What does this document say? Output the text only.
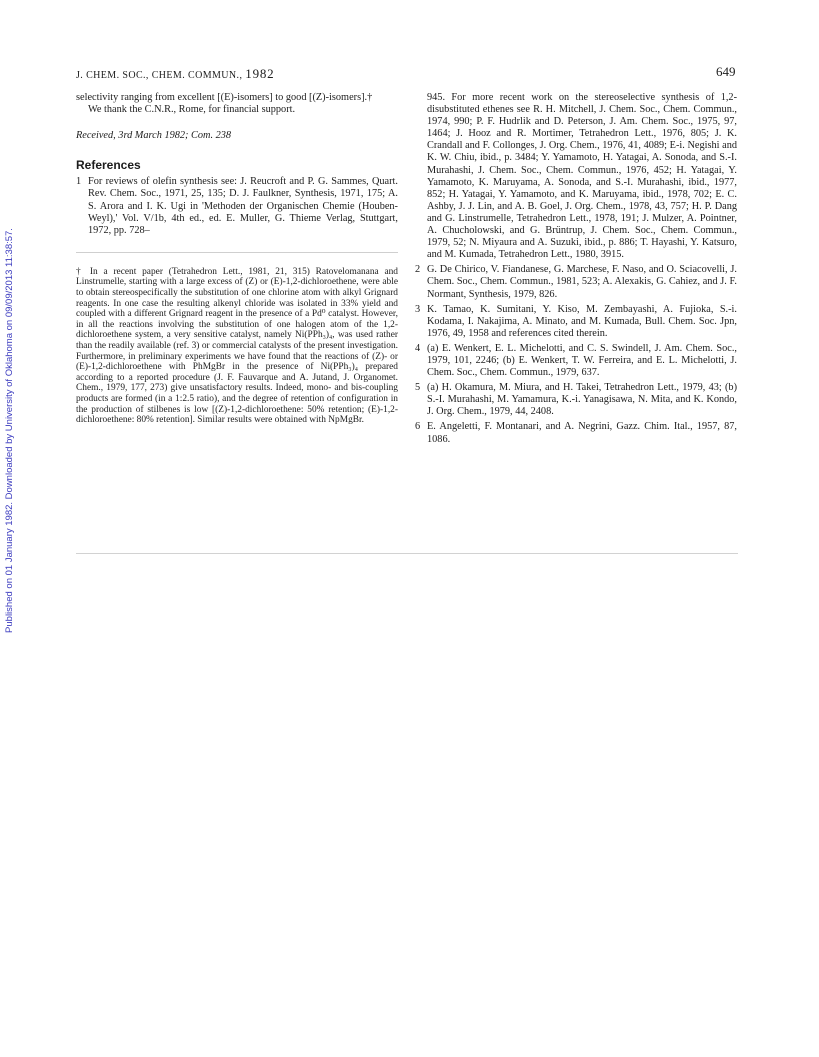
Published on 01 January 1982. Downloaded by University of Oklahoma on 09/09/2013 11:38:57.
J. CHEM. SOC., CHEM. COMMUN., 1982	649

selectivity ranging from excellent [(E)-isomers] to good [(Z)-isomers].†

We thank the C.N.R., Rome, for financial support.

Received, 3rd March 1982; Com. 238

References
1 For reviews of olefin synthesis see: J. Reucroft and P. G. Sammes, Quart. Rev. Chem. Soc., 1971, 25, 135; D. J. Faulkner, Synthesis, 1971, 175; A. S. Arora and I. K. Ugi in 'Methoden der Organischen Chemie (Houben-Weyl),' Vol. V/1b, 4th ed., ed. E. Muller, G. Thieme Verlag, Stuttgart, 1972, pp. 728–

† In a recent paper (Tetrahedron Lett., 1981, 21, 315) Ratovelomanana and Linstrumelle, starting with a large excess of (Z) or (E)-1,2-dichloroethene, were able to obtain stereospecifically the substitution of one chlorine atom with alkyl Grignard reagents. In one case the resulting alkenyl chloride was isolated in 33% yield and coupled with a different Grignard reagent in the presence of a Pd⁰ catalyst. However, in all the reactions involving the substitution of one halogen atom of the 1,2-dichloroethene system, a very sensitive catalyst, namely Ni(PPh₃)₄, was used rather than the readily available (ref. 3) or commercial catalysts of the present investigation. Furthermore, in preliminary experiments we have found that the reactions of (Z)- or (E)-1,2-dichloroethene with PhMgBr in the presence of Ni(PPh₃)₄ prepared according to a reported procedure (J. F. Fauvarque and A. Jutand, J. Organomet. Chem., 1979, 177, 273) give unsatisfactory results. Indeed, mono- and bis-coupling products are formed (in a 1:2.5 ratio), and the degree of retention of configuration in the production of stilbenes is low [(Z)-1,2-dichloroethene: 50% retention; (E)-1,2-dichloroethene: 80% retention]. Similar results were obtained with NpMgBr.

945. For more recent work on the stereoselective synthesis of 1,2-disubstituted ethenes see R. H. Mitchell, J. Chem. Soc., Chem. Commun., 1974, 990; P. F. Hudrlik and D. Peterson, J. Am. Chem. Soc., 1975, 97, 1464; J. Hooz and R. Mortimer, Tetrahedron Lett., 1976, 805; J. K. Crandall and F. Collonges, J. Org. Chem., 1976, 41, 4089; E-i. Negishi and K. W. Chiu, ibid., p. 3484; Y. Yamamoto, H. Yatagai, A. Sonoda, and S.-I. Murahashi, J. Chem. Soc., Chem. Commun., 1976, 452; H. Yatagai, Y. Yamamoto, K. Maruyama, A. Sonoda, and S.-I. Murahashi, ibid., 1977, 852; H. Yatagai, Y. Yamamoto, and K. Maruyama, ibid., 1978, 702; E. C. Ashby, J. J. Lin, and A. B. Goel, J. Org. Chem., 1978, 43, 757; H. P. Dang and G. Linstrumelle, Tetrahedron Lett., 1978, 191; J. Mulzer, A. Pointner, A. Chucholowski, and G. Brüntrup, J. Chem. Soc., Chem. Commun., 1979, 52; N. Miyaura and A. Suzuki, ibid., p. 886; T. Hayashi, Y. Katsuro, and M. Kumada, Tetrahedron Lett., 1980, 3915.
2 G. De Chirico, V. Fiandanese, G. Marchese, F. Naso, and O. Sciacovelli, J. Chem. Soc., Chem. Commun., 1981, 523; A. Alexakis, G. Cahiez, and J. F. Normant, Synthesis, 1979, 826.
3 K. Tamao, K. Sumitani, Y. Kiso, M. Zembayashi, A. Fujioka, S.-i. Kodama, I. Nakajima, A. Minato, and M. Kumada, Bull. Chem. Soc. Jpn, 1976, 49, 1958 and references cited therein.
4 (a) E. Wenkert, E. L. Michelotti, and C. S. Swindell, J. Am. Chem. Soc., 1979, 101, 2246; (b) E. Wenkert, T. W. Ferreira, and E. L. Michelotti, J. Chem. Soc., Chem. Commun., 1979, 637.
5 (a) H. Okamura, M. Miura, and H. Takei, Tetrahedron Lett., 1979, 43; (b) S.-I. Murahashi, M. Yamamura, K.-i. Yanagisawa, N. Mita, and K. Kondo, J. Org. Chem., 1979, 44, 2408.
6 E. Angeletti, F. Montanari, and A. Negrini, Gazz. Chim. Ital., 1957, 87, 1086.
